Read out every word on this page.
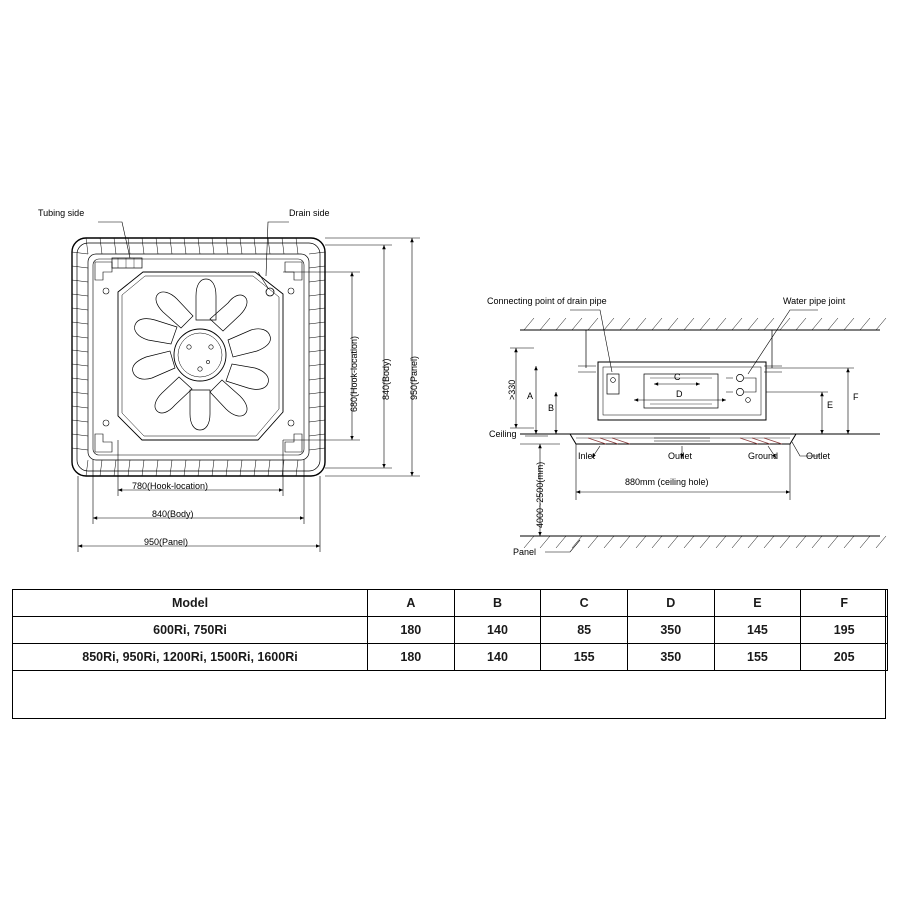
Tubing side	Drain side
680(Hook-location) 840(Body) 950(Panel)
780(Hook-location)
840(Body)
950(Panel)
Connecting point of drain pipe	Water pipe joint
Ceiling
Panel
Outlet
Inlet	Outlet	Ground
>330
4000~2500(mm)	880mm (ceiling hole)
A
B
C
D
E
F
Model	A	B	C	D	E	F
600Ri, 750Ri	180	140	85	350	145	195
850Ri, 950Ri, 1200Ri, 1500Ri, 1600Ri	180	140	155	350	155	205
